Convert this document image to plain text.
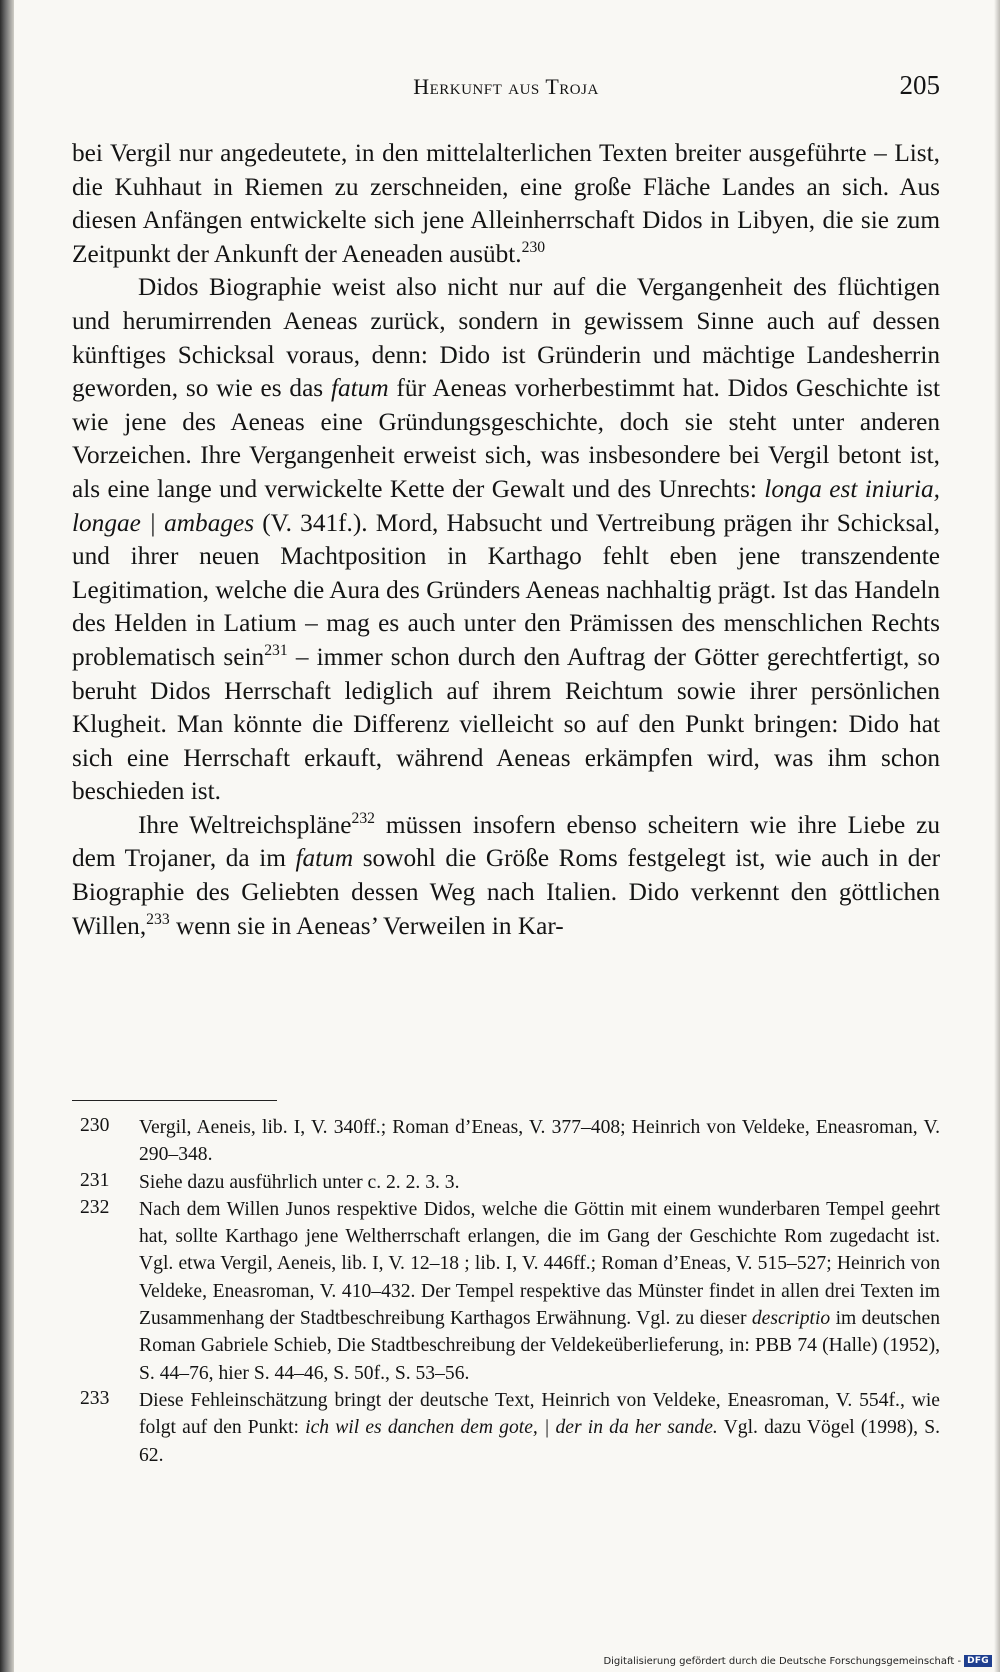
Herkunft aus Troja	205

bei Vergil nur angedeutete, in den mittelalterlichen Texten breiter ausgeführte – List, die Kuhhaut in Riemen zu zerschneiden, eine große Fläche Landes an sich. Aus diesen Anfängen entwickelte sich jene Alleinherrschaft Didos in Libyen, die sie zum Zeitpunkt der Ankunft der Aeneaden ausübt.$^{230}$

Didos Biographie weist also nicht nur auf die Vergangenheit des flüchtigen und herumirrenden Aeneas zurück, sondern in gewissem Sinne auch auf dessen künftiges Schicksal voraus, denn: Dido ist Gründerin und mächtige Landesherrin geworden, so wie es das fatum für Aeneas vorherbestimmt hat. Didos Geschichte ist wie jene des Aeneas eine Gründungsgeschichte, doch sie steht unter anderen Vorzeichen. Ihre Vergangenheit erweist sich, was insbesondere bei Vergil betont ist, als eine lange und verwickelte Kette der Gewalt und des Unrechts: longa est iniuria, longae | ambages (V. 341f.). Mord, Habsucht und Vertreibung prägen ihr Schicksal, und ihrer neuen Machtposition in Karthago fehlt eben jene transzendente Legitimation, welche die Aura des Gründers Aeneas nachhaltig prägt. Ist das Handeln des Helden in Latium – mag es auch unter den Prämissen des menschlichen Rechts problematisch sein$^{231}$ – immer schon durch den Auftrag der Götter gerechtfertigt, so beruht Didos Herrschaft lediglich auf ihrem Reichtum sowie ihrer persönlichen Klugheit. Man könnte die Differenz vielleicht so auf den Punkt bringen: Dido hat sich eine Herrschaft erkauft, während Aeneas erkämpfen wird, was ihm schon beschieden ist.

Ihre Weltreichspläne$^{232}$ müssen insofern ebenso scheitern wie ihre Liebe zu dem Trojaner, da im fatum sowohl die Größe Roms festgelegt ist, wie auch in der Biographie des Geliebten dessen Weg nach Italien. Dido verkennt den göttlichen Willen,$^{233}$ wenn sie in Aeneas’ Verweilen in Kar-

230 Vergil, Aeneis, lib. I, V. 340ff.; Roman d’Eneas, V. 377–408; Heinrich von Veldeke, Eneasroman, V. 290–348.
231 Siehe dazu ausführlich unter c. 2. 2. 3. 3.
232 Nach dem Willen Junos respektive Didos, welche die Göttin mit einem wunderbaren Tempel geehrt hat, sollte Karthago jene Weltherrschaft erlangen, die im Gang der Geschichte Rom zugedacht ist. Vgl. etwa Vergil, Aeneis, lib. I, V. 12–18 ; lib. I, V. 446ff.; Roman d’Eneas, V. 515–527; Heinrich von Veldeke, Eneasroman, V. 410–432. Der Tempel respektive das Münster findet in allen drei Texten im Zusammenhang der Stadtbeschreibung Karthagos Erwähnung. Vgl. zu dieser descriptio im deutschen Roman Gabriele Schieb, Die Stadtbeschreibung der Veldekeüberlieferung, in: PBB 74 (Halle) (1952), S. 44–76, hier S. 44–46, S. 50f., S. 53–56.
233 Diese Fehleinschätzung bringt der deutsche Text, Heinrich von Veldeke, Eneasroman, V. 554f., wie folgt auf den Punkt: ich wil es danchen dem gote, | der in da her sande. Vgl. dazu Vögel (1998), S. 62.
Digitalisierung gefördert durch die Deutsche Forschungsgemeinschaft - DFG
